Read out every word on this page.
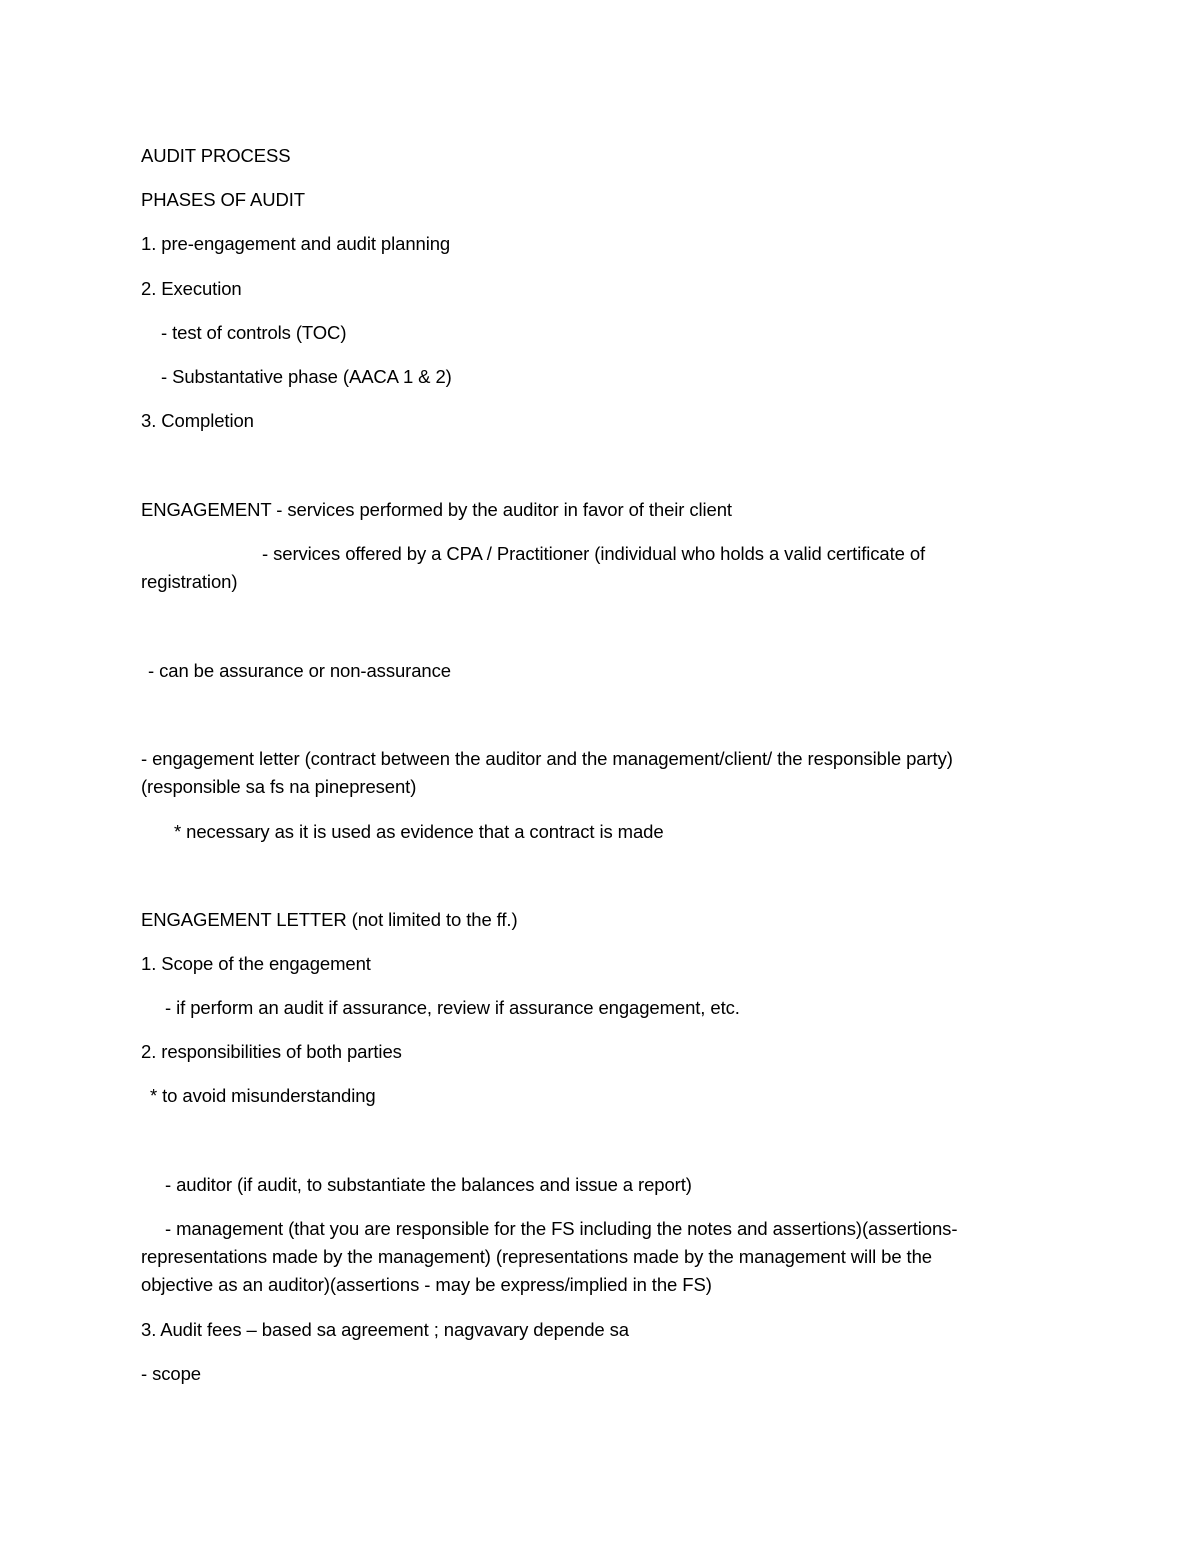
AUDIT PROCESS
PHASES OF AUDIT
1. pre-engagement and audit planning
2. Execution
- test of controls (TOC)
- Substantative phase (AACA 1 & 2)
3. Completion
ENGAGEMENT - services performed by the auditor in favor of their client
- services offered by a CPA / Practitioner (individual who holds a valid certificate of
registration)
- can be assurance or non-assurance
- engagement letter (contract between the auditor and the management/client/ the responsible party)
(responsible sa fs na pinepresent)
* necessary as it is used as evidence that a contract is made
ENGAGEMENT LETTER (not limited to the ff.)
1. Scope of the engagement
- if perform an audit if assurance, review if assurance engagement, etc.
2. responsibilities of both parties
* to avoid misunderstanding
- auditor (if audit, to substantiate the balances and issue a report)
- management (that you are responsible for the FS including the notes and assertions)(assertions-
representations made by the management) (representations made by the management will be the
objective as an auditor)(assertions - may be express/implied in the FS)
3. Audit fees – based sa agreement ; nagvavary depende sa
- scope
